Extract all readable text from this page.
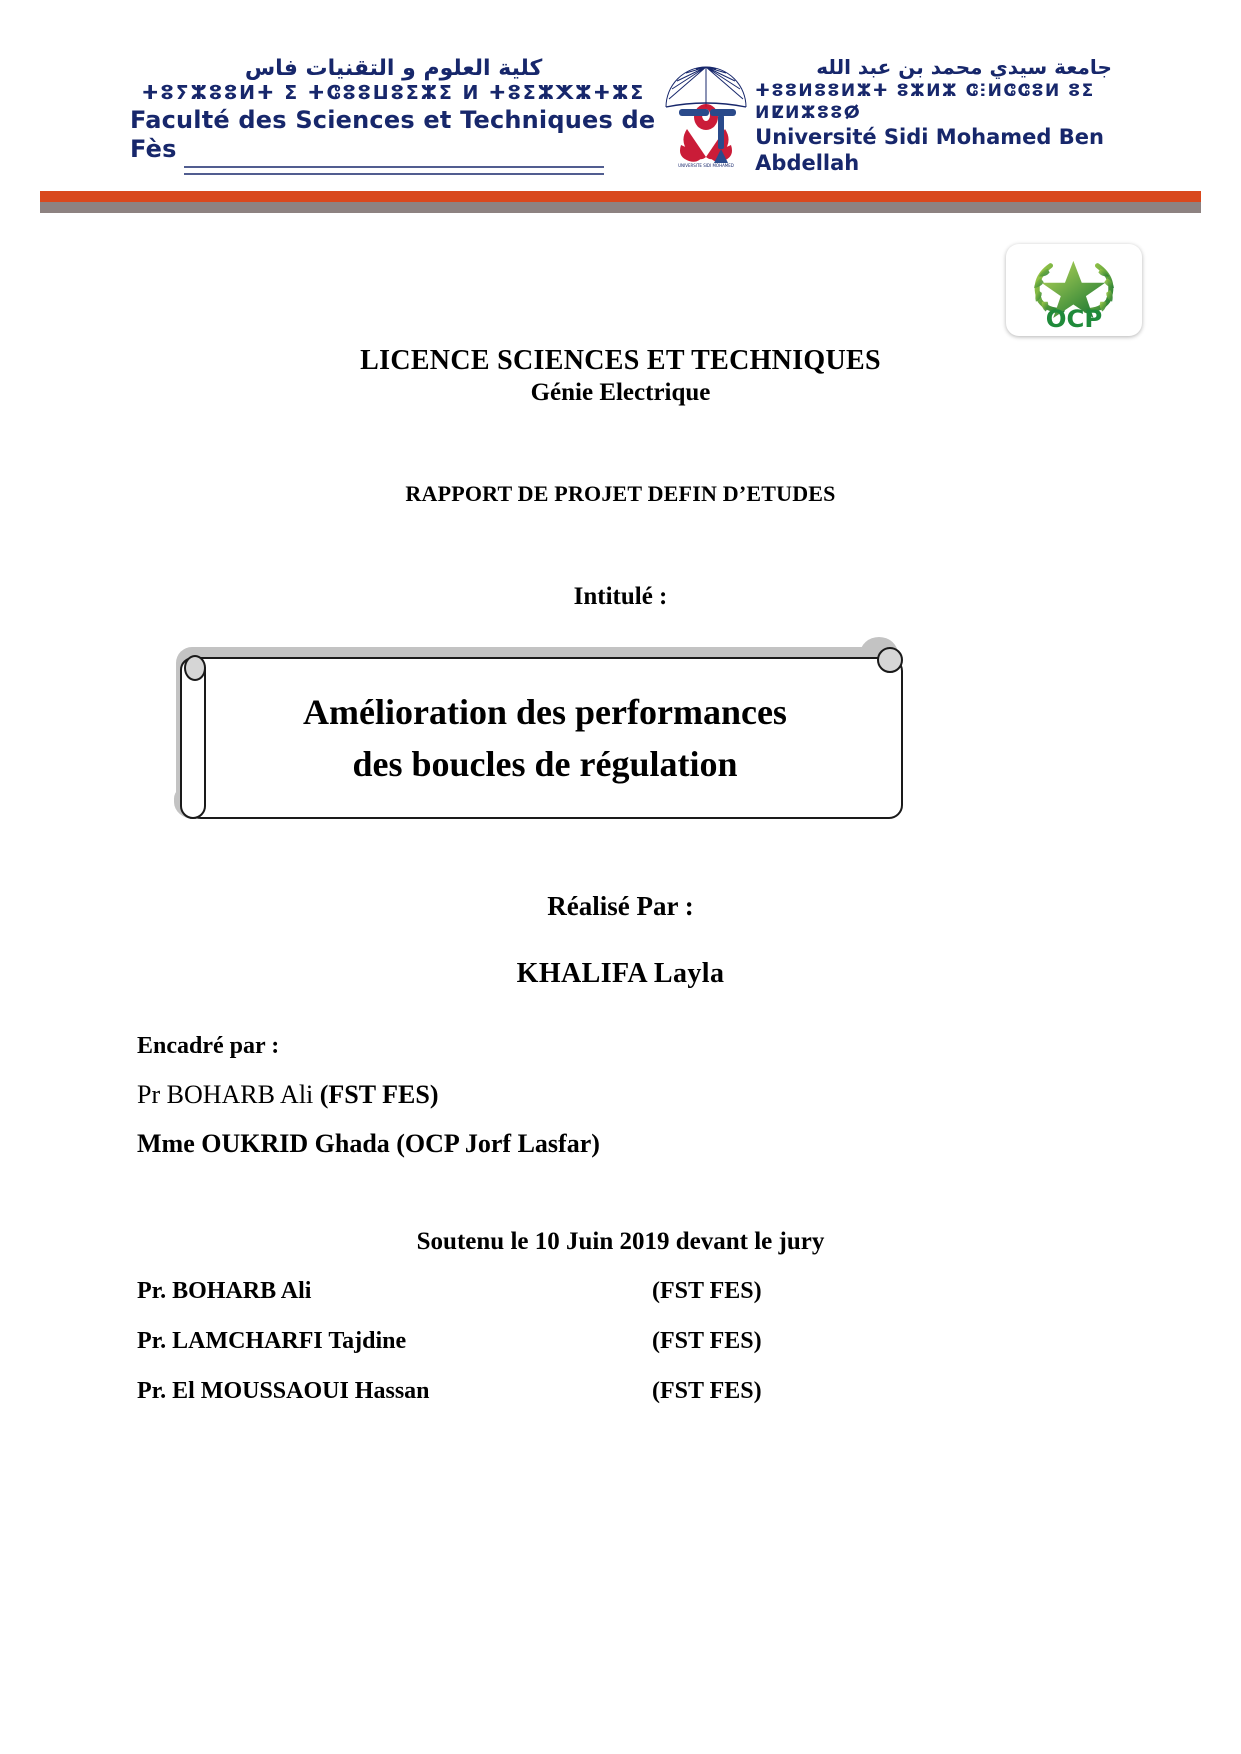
كلية العلوم و التقنيات فاس
ⵜⵓⵢⵣⵓⵓⵍⵜ ⵉ ⵜⵛⵓⵓⵡⵓⵉⵣⵉ ⵍ ⵜⵓⵉⵣⵅⵣⵜⵣⵉ
Faculté des Sciences et Techniques de Fès
UNIVERSITE SIDI MOHAMED
جامعة سيدي محمد بن عبد الله
ⵜⵓⵓⵍⵓⵓⵍⵣⵜ ⵓⵣⵍⵣ ⵛⵗⵍⵛⵛⵓⵍ ⵓⵉ ⵍⵇⵍⵣⵓⵓⵁ
Université Sidi Mohamed Ben Abdellah
OCP
LICENCE SCIENCES ET TECHNIQUES
Génie Electrique
RAPPORT DE PROJET DEFIN D’ETUDES
Intitulé :
Amélioration des performances
des boucles de régulation
Réalisé Par :
KHALIFA Layla
Encadré par :
Pr BOHARB Ali (FST FES)
Mme OUKRID Ghada (OCP Jorf Lasfar)
Soutenu le 10 Juin 2019 devant le jury
Pr. BOHARB Ali	(FST FES)
Pr. LAMCHARFI Tajdine	(FST FES)
Pr. El MOUSSAOUI Hassan	(FST FES)
